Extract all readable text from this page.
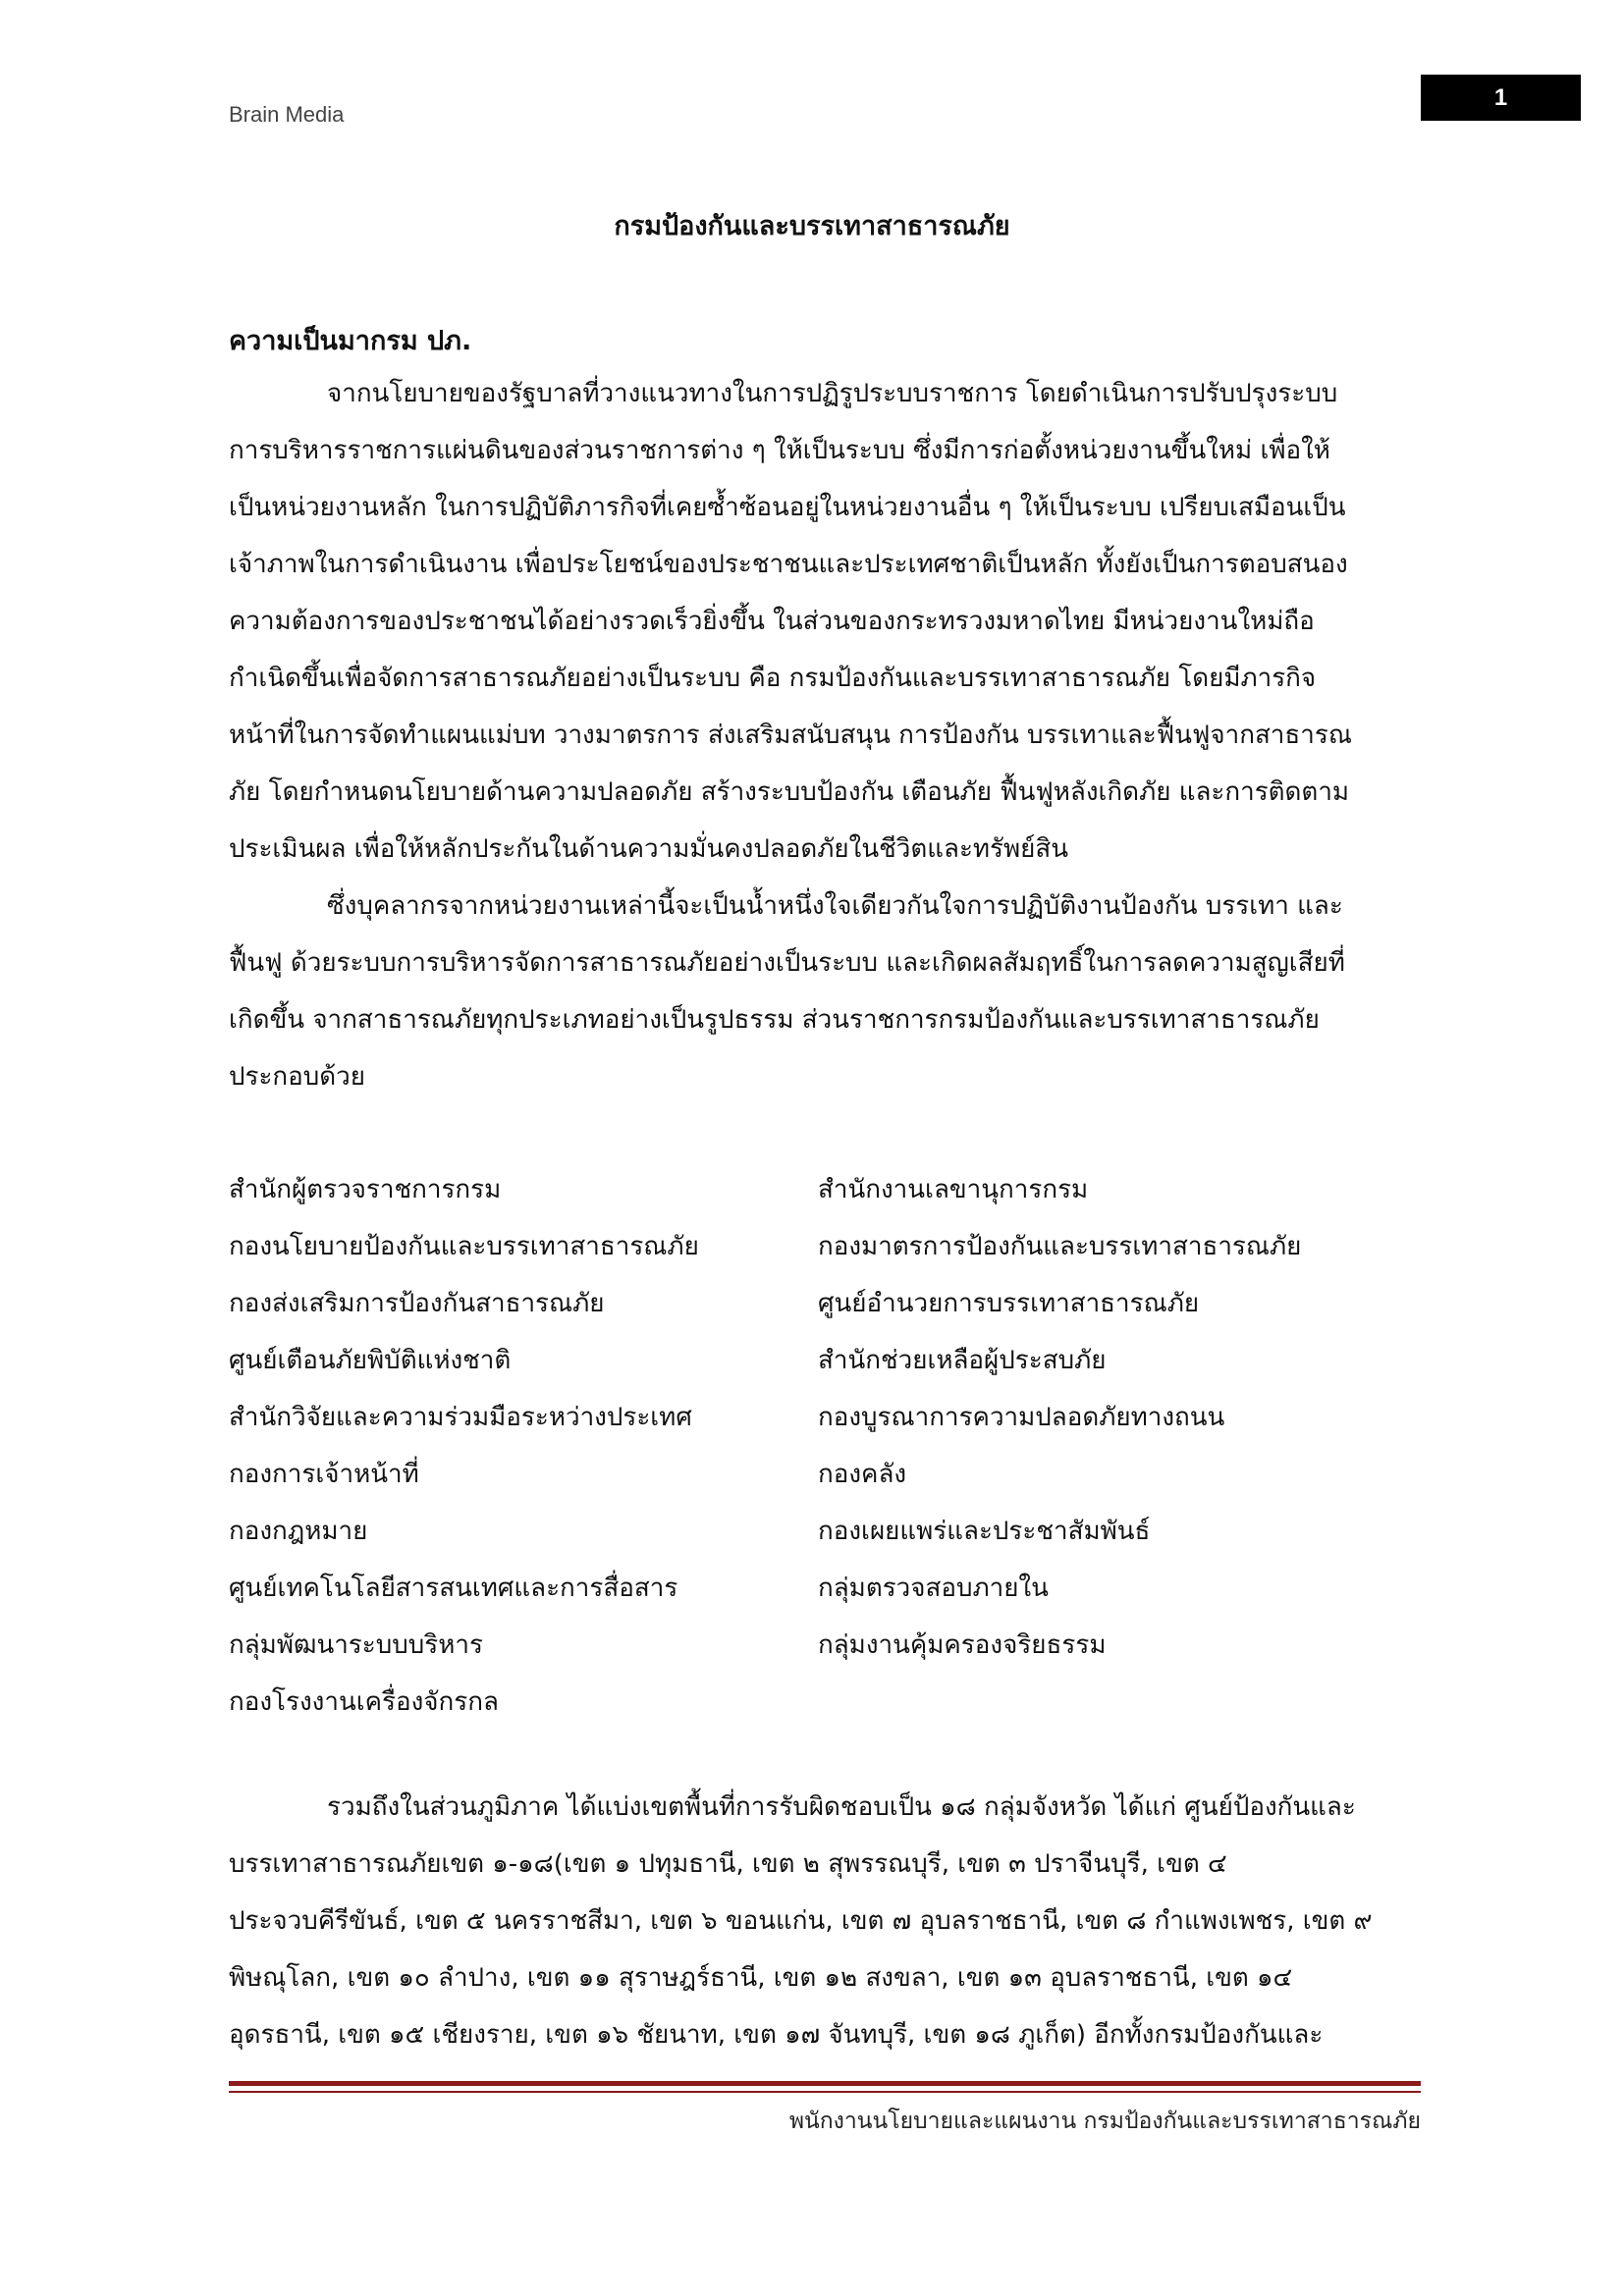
Brain Media
1
กรมป้องกันและบรรเทาสาธารณภัย
ความเป็นมากรม ปภ.
จากนโยบายของรัฐบาลที่วางแนวทางในการปฏิรูประบบราชการ โดยดำเนินการปรับปรุงระบบ
การบริหารราชการแผ่นดินของส่วนราชการต่าง ๆ ให้เป็นระบบ ซึ่งมีการก่อตั้งหน่วยงานขึ้นใหม่ เพื่อให้
เป็นหน่วยงานหลัก ในการปฏิบัติภารกิจที่เคยซ้ำซ้อนอยู่ในหน่วยงานอื่น ๆ ให้เป็นระบบ เปรียบเสมือนเป็น
เจ้าภาพในการดำเนินงาน เพื่อประโยชน์ของประชาชนและประเทศชาติเป็นหลัก ทั้งยังเป็นการตอบสนอง
ความต้องการของประชาชนได้อย่างรวดเร็วยิ่งขึ้น ในส่วนของกระทรวงมหาดไทย มีหน่วยงานใหม่ถือ
กำเนิดขึ้นเพื่อจัดการสาธารณภัยอย่างเป็นระบบ คือ กรมป้องกันและบรรเทาสาธารณภัย โดยมีภารกิจ
หน้าที่ในการจัดทำแผนแม่บท วางมาตรการ ส่งเสริมสนับสนุน การป้องกัน บรรเทาและฟื้นฟูจากสาธารณ
ภัย โดยกำหนดนโยบายด้านความปลอดภัย สร้างระบบป้องกัน เตือนภัย ฟื้นฟูหลังเกิดภัย และการติดตาม
ประเมินผล เพื่อให้หลักประกันในด้านความมั่นคงปลอดภัยในชีวิตและทรัพย์สิน
ซึ่งบุคลากรจากหน่วยงานเหล่านี้จะเป็นน้ำหนึ่งใจเดียวกันใจการปฏิบัติงานป้องกัน บรรเทา และ
ฟื้นฟู ด้วยระบบการบริหารจัดการสาธารณภัยอย่างเป็นระบบ และเกิดผลสัมฤทธิ์ในการลดความสูญเสียที่
เกิดขึ้น จากสาธารณภัยทุกประเภทอย่างเป็นรูปธรรม ส่วนราชการกรมป้องกันและบรรเทาสาธารณภัย
ประกอบด้วย
สำนักผู้ตรวจราชการกรม	สำนักงานเลขานุการกรม
กองนโยบายป้องกันและบรรเทาสาธารณภัย	กองมาตรการป้องกันและบรรเทาสาธารณภัย
กองส่งเสริมการป้องกันสาธารณภัย	ศูนย์อำนวยการบรรเทาสาธารณภัย
ศูนย์เตือนภัยพิบัติแห่งชาติ	สำนักช่วยเหลือผู้ประสบภัย
สำนักวิจัยและความร่วมมือระหว่างประเทศ	กองบูรณาการความปลอดภัยทางถนน
กองการเจ้าหน้าที่	กองคลัง
กองกฎหมาย	กองเผยแพร่และประชาสัมพันธ์
ศูนย์เทคโนโลยีสารสนเทศและการสื่อสาร	กลุ่มตรวจสอบภายใน
กลุ่มพัฒนาระบบบริหาร	กลุ่มงานคุ้มครองจริยธรรม
กองโรงงานเครื่องจักรกล
รวมถึงในส่วนภูมิภาค ได้แบ่งเขตพื้นที่การรับผิดชอบเป็น ๑๘ กลุ่มจังหวัด ได้แก่ ศูนย์ป้องกันและ
บรรเทาสาธารณภัยเขต ๑-๑๘(เขต ๑ ปทุมธานี, เขต ๒ สุพรรณบุรี, เขต ๓ ปราจีนบุรี, เขต ๔
ประจวบคีรีขันธ์, เขต ๕ นครราชสีมา, เขต ๖ ขอนแก่น, เขต ๗ อุบลราชธานี, เขต ๘ กำแพงเพชร, เขต ๙
พิษณุโลก, เขต ๑๐ ลำปาง, เขต ๑๑ สุราษฎร์ธานี, เขต ๑๒ สงขลา, เขต ๑๓ อุบลราชธานี, เขต ๑๔
อุดรธานี, เขต ๑๕ เชียงราย, เขต ๑๖ ชัยนาท, เขต ๑๗ จันทบุรี, เขต ๑๘ ภูเก็ต) อีกทั้งกรมป้องกันและ
พนักงานนโยบายและแผนงาน กรมป้องกันและบรรเทาสาธารณภัย
